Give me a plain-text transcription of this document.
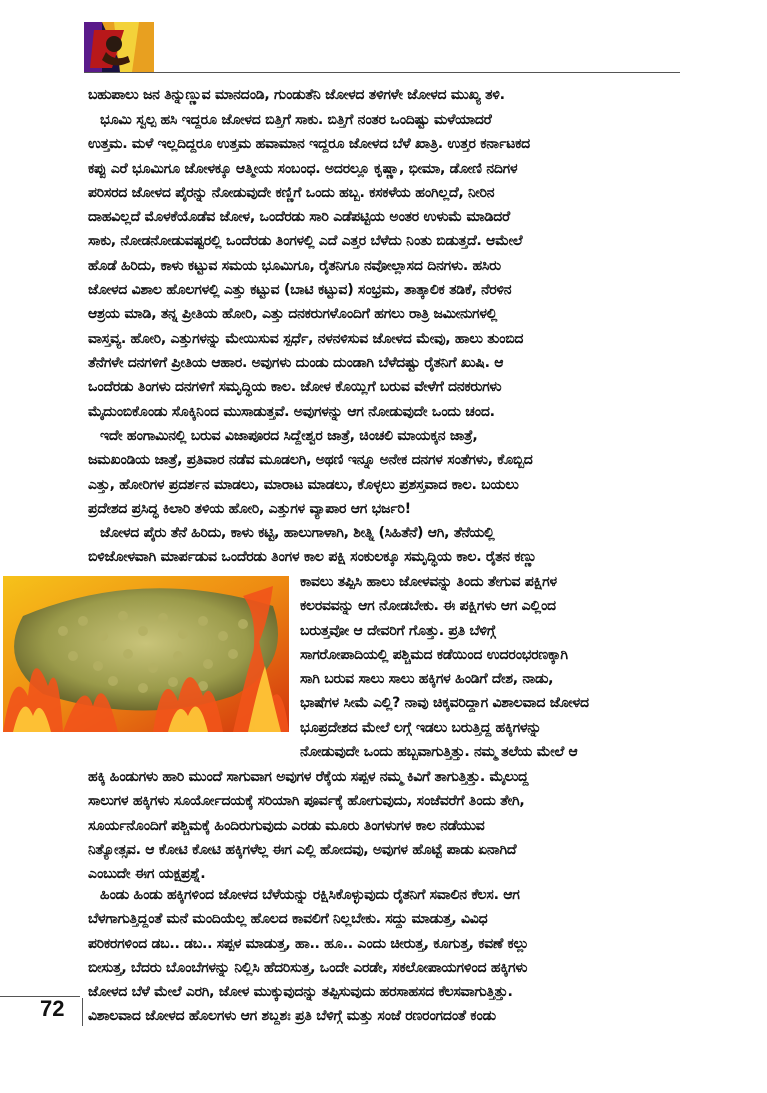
ಬಹುಪಾಲು ಜನ ತಿನ್ನುಣ್ಣುವ ಮಾನದಂಡಿ, ಗುಂಡುತೆನಿ ಜೋಳದ ತಳಿಗಳೇ ಜೋಳದ ಮುಖ್ಯ ತಳಿ.
ಭೂಮಿ ಸ್ವಲ್ಪ ಹಸಿ ಇದ್ದರೂ ಜೋಳದ ಬಿತ್ತಿಗೆ ಸಾಕು. ಬಿತ್ತಿಗೆ ನಂತರ ಒಂದಿಷ್ಟು ಮಳೆಯಾದರೆ
ಉತ್ತಮ. ಮಳೆ ಇಲ್ಲದಿದ್ದರೂ ಉತ್ತಮ ಹವಾಮಾನ ಇದ್ದರೂ ಜೋಳದ ಬೆಳೆ ಖಾತ್ರಿ. ಉತ್ತರ ಕರ್ನಾಟಕದ
ಕಪ್ಪು ಎರೆ ಭೂಮಿಗೂ ಜೋಳಕ್ಕೂ ಆತ್ಮೀಯ ಸಂಬಂಧ. ಅದರಲ್ಲೂ ಕೃಷ್ಣಾ, ಭೀಮಾ, ಡೋಣಿ ನದಿಗಳ
ಪರಿಸರದ ಜೋಳದ ಪೈರನ್ನು ನೋಡುವುದೇ ಕಣ್ಣಿಗೆ ಒಂದು ಹಬ್ಬ. ಕಸಕಳೆಯ ಹಂಗಿಲ್ಲದೆ, ನೀರಿನ
ದಾಹವಿಲ್ಲದೆ ಮೊಳಕೆಯೊಡೆವ ಜೋಳ, ಒಂದೆರಡು ಸಾರಿ ಎಡೆಪಟ್ಟಿಯ ಅಂತರ ಉಳುಮೆ ಮಾಡಿದರೆ
ಸಾಕು, ನೋಡನೋಡುವಷ್ಟರಲ್ಲಿ ಒಂದೆರಡು ತಿಂಗಳಲ್ಲಿ ಎದೆ ಎತ್ತರ ಬೆಳೆದು ನಿಂತು ಬಿಡುತ್ತದೆ. ಆಮೇಲೆ
ಹೊಡೆ ಹಿರಿದು, ಕಾಳು ಕಟ್ಟುವ ಸಮಯ ಭೂಮಿಗೂ, ರೈತನಿಗೂ ನವೋಲ್ಲಾಸದ ದಿನಗಳು. ಹಸಿರು
ಜೋಳದ ವಿಶಾಲ ಹೊಲಗಳಲ್ಲಿ ಎತ್ತು ಕಟ್ಟುವ (ಬಾಟಿ ಕಟ್ಟುವ) ಸಂಭ್ರಮ, ತಾತ್ಕಾಲಿಕ ತಡಿಕೆ, ನೆರಳಿನ
ಆಶ್ರಯ ಮಾಡಿ, ತನ್ನ ಪ್ರೀತಿಯ ಹೋರಿ, ಎತ್ತು ದನಕರುಗಳೊಂದಿಗೆ ಹಗಲು ರಾತ್ರಿ ಜಮೀನುಗಳಲ್ಲಿ
ವಾಸ್ತವ್ಯ. ಹೋರಿ, ಎತ್ತುಗಳನ್ನು ಮೇಯಿಸುವ ಸ್ಪರ್ಧೆ, ನಳನಳಿಸುವ ಜೋಳದ ಮೇವು, ಹಾಲು ತುಂಬಿದ
ತೆನೆಗಳೇ ದನಗಳಿಗೆ ಪ್ರೀತಿಯ ಆಹಾರ. ಅವುಗಳು ದುಂಡು ದುಂಡಾಗಿ ಬೆಳೆದಷ್ಟು ರೈತನಿಗೆ ಖುಷಿ. ಆ
ಒಂದೆರಡು ತಿಂಗಳು ದನಗಳಿಗೆ ಸಮೃದ್ಧಿಯ ಕಾಲ. ಜೋಳ ಕೊಯ್ಲಿಗೆ ಬರುವ ವೇಳೆಗೆ ದನಕರುಗಳು
ಮೈದುಂಬಿಕೊಂಡು ಸೊಕ್ಕಿನಿಂದ ಮುಸಾಡುತ್ತವೆ. ಅವುಗಳನ್ನು ಆಗ ನೋಡುವುದೇ ಒಂದು ಚಂದ.
ಇದೇ ಹಂಗಾಮಿನಲ್ಲಿ ಬರುವ ವಿಜಾಪೂರದ ಸಿದ್ದೇಶ್ವರ ಜಾತ್ರೆ, ಚಿಂಚಲಿ ಮಾಯಕ್ಕನ ಜಾತ್ರೆ,
ಜಮಖಂಡಿಯ ಜಾತ್ರೆ, ಪ್ರತಿವಾರ ನಡೆವ ಮೂಡಲಗಿ, ಅಥಣಿ ಇನ್ನೂ ಅನೇಕ ದನಗಳ ಸಂತೆಗಳು, ಕೊಬ್ಬಿದ
ಎತ್ತು, ಹೋರಿಗಳ ಪ್ರದರ್ಶನ ಮಾಡಲು, ಮಾರಾಟ ಮಾಡಲು, ಕೊಳ್ಳಲು ಪ್ರಶಸ್ತವಾದ ಕಾಲ. ಬಯಲು
ಪ್ರದೇಶದ ಪ್ರಸಿದ್ಧ ಕಿಲಾರಿ ತಳಿಯ ಹೋರಿ, ಎತ್ತುಗಳ ವ್ಯಾಪಾರ ಆಗ ಭರ್ಜರಿ!
ಜೋಳದ ಪೈರು ತೆನೆ ಹಿರಿದು, ಕಾಳು ಕಟ್ಟಿ, ಹಾಲುಗಾಳಾಗಿ, ಶೀತ್ನಿ (ಸಿಹಿತೆನೆ) ಆಗಿ, ತೆನೆಯಲ್ಲಿ
ಬಿಳಿಜೋಳವಾಗಿ ಮಾರ್ಪಡುವ ಒಂದೆರಡು ತಿಂಗಳ ಕಾಲ ಪಕ್ಷಿ ಸಂಕುಲಕ್ಕೂ ಸಮೃದ್ಧಿಯ ಕಾಲ. ರೈತನ ಕಣ್ಣು
ಕಾವಲು ತಪ್ಪಿಸಿ ಹಾಲು ಜೋಳವನ್ನು ತಿಂದು ತೇಗುವ ಪಕ್ಷಿಗಳ
ಕಲರವವನ್ನು ಆಗ ನೋಡಬೇಕು. ಈ ಪಕ್ಷಿಗಳು ಆಗ ಎಲ್ಲಿಂದ
ಬರುತ್ತವೋ ಆ ದೇವರಿಗೆ ಗೊತ್ತು. ಪ್ರತಿ ಬೆಳಿಗ್ಗೆ
ಸಾಗರೋಪಾದಿಯಲ್ಲಿ ಪಶ್ಚಿಮದ ಕಡೆಯಿಂದ ಉದರಂಭರಣಕ್ಕಾಗಿ
ಸಾಗಿ ಬರುವ ಸಾಲು ಸಾಲು ಹಕ್ಕಿಗಳ ಹಿಂಡಿಗೆ ದೇಶ, ನಾಡು,
ಭಾಷೆಗಳ ಸೀಮೆ ಎಲ್ಲಿ? ನಾವು ಚಿಕ್ಕವರಿದ್ದಾಗ ವಿಶಾಲವಾದ ಜೋಳದ
ಭೂಪ್ರದೇಶದ ಮೇಲೆ ಲಗ್ಗೆ ಇಡಲು ಬರುತ್ತಿದ್ದ ಹಕ್ಕಿಗಳನ್ನು
ನೋಡುವುದೇ ಒಂದು ಹಬ್ಬವಾಗುತ್ತಿತ್ತು. ನಮ್ಮ ತಲೆಯ ಮೇಲೆ ಆ
ಹಕ್ಕಿ ಹಿಂಡುಗಳು ಹಾರಿ ಮುಂದೆ ಸಾಗುವಾಗ ಅವುಗಳ ರೆಕ್ಕೆಯ ಸಪ್ಪಳ ನಮ್ಮ ಕಿವಿಗೆ ತಾಗುತ್ತಿತ್ತು. ಮೈಲುದ್ದ
ಸಾಲುಗಳ ಹಕ್ಕಿಗಳು ಸೂರ್ಯೋದಯಕ್ಕೆ ಸರಿಯಾಗಿ ಪೂರ್ವಕ್ಕೆ ಹೋಗುವುದು, ಸಂಜೆವರೆಗೆ ತಿಂದು ತೇಗಿ,
ಸೂರ್ಯನೊಂದಿಗೆ ಪಶ್ಚಿಮಕ್ಕೆ ಹಿಂದಿರುಗುವುದು ಎರಡು ಮೂರು ತಿಂಗಳುಗಳ ಕಾಲ ನಡೆಯುವ
ನಿತ್ಯೋತ್ಸವ. ಆ ಕೋಟಿ ಕೋಟಿ ಹಕ್ಕಿಗಳೆಲ್ಲ ಈಗ ಎಲ್ಲಿ ಹೋದವು, ಅವುಗಳ ಹೊಟ್ಟೆ ಪಾಡು ಏನಾಗಿದೆ
ಎಂಬುದೇ ಈಗ ಯಕ್ಷಪ್ರಶ್ನೆ.
ಹಿಂಡು ಹಿಂಡು ಹಕ್ಕಿಗಳಿಂದ ಜೋಳದ ಬೆಳೆಯನ್ನು ರಕ್ಷಿಸಿಕೊಳ್ಳುವುದು ರೈತನಿಗೆ ಸವಾಲಿನ ಕೆಲಸ. ಆಗ
ಬೆಳಗಾಗುತ್ತಿದ್ದಂತೆ ಮನೆ ಮಂದಿಯೆಲ್ಲ ಹೊಲದ ಕಾವಲಿಗೆ ನಿಲ್ಲಬೇಕು. ಸದ್ದು ಮಾಡುತ್ತ, ವಿವಿಧ
ಪರಿಕರಗಳಿಂದ ಡಬ.. ಡಬ.. ಸಪ್ಪಳ ಮಾಡುತ್ತ, ಹಾ.. ಹೂ.. ಎಂದು ಚೀರುತ್ತ, ಕೂಗುತ್ತ, ಕವಣೆ ಕಲ್ಲು
ಬೀಸುತ್ತ, ಬೆದರು ಬೊಂಬೆಗಳನ್ನು ನಿಲ್ಲಿಸಿ ಹೆದರಿಸುತ್ತ, ಒಂದೇ ಎರಡೇ, ಸಕಲೋಪಾಯಗಳಿಂದ ಹಕ್ಕಿಗಳು
ಜೋಳದ ಬೆಳೆ ಮೇಲೆ ಎರಗಿ, ಜೋಳ ಮುಕ್ಕುವುದನ್ನು ತಪ್ಪಿಸುವುದು ಹರಸಾಹಸದ ಕೆಲಸವಾಗುತ್ತಿತ್ತು.
ವಿಶಾಲವಾದ ಜೋಳದ ಹೊಲಗಳು ಆಗ ಶಬ್ದಶಃ ಪ್ರತಿ ಬೆಳಿಗ್ಗೆ ಮತ್ತು ಸಂಜೆ ರಣರಂಗದಂತೆ ಕಂಡು
72
